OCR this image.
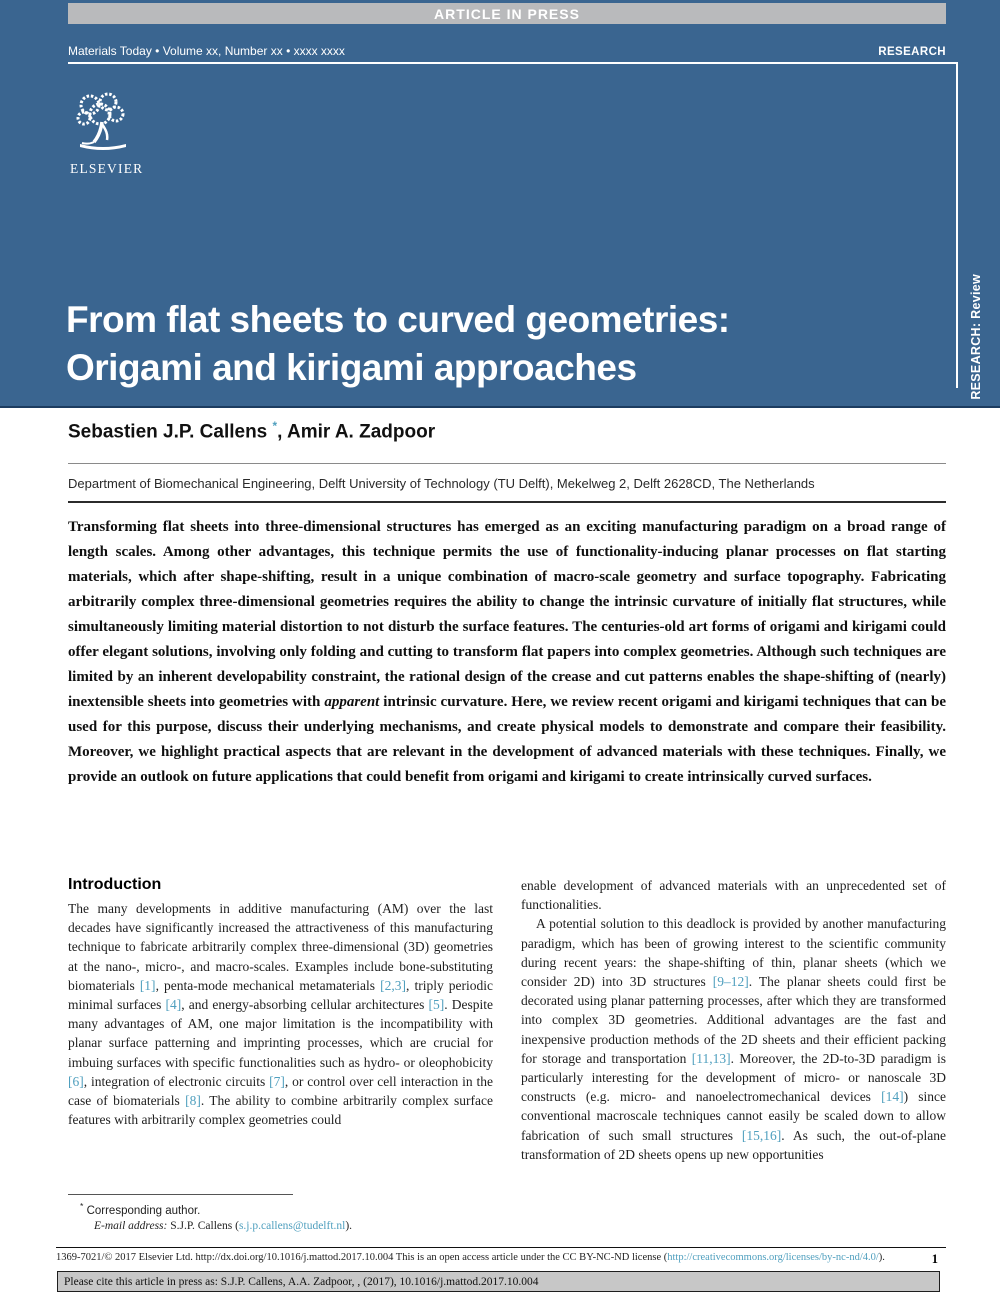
ARTICLE IN PRESS
Materials Today • Volume xx, Number xx • xxxx xxxx	RESEARCH
ELSEVIER
From flat sheets to curved geometries:
Origami and kirigami approaches	RESEARCH: Review
Sebastien J.P. Callens *, Amir A. Zadpoor
Department of Biomechanical Engineering, Delft University of Technology (TU Delft), Mekelweg 2, Delft 2628CD, The Netherlands

Transforming flat sheets into three-dimensional structures has emerged as an exciting manufacturing paradigm on a broad range of length scales. Among other advantages, this technique permits the use of functionality-inducing planar processes on flat starting materials, which after shape-shifting, result in a unique combination of macro-scale geometry and surface topography. Fabricating arbitrarily complex three-dimensional geometries requires the ability to change the intrinsic curvature of initially flat structures, while simultaneously limiting material distortion to not disturb the surface features. The centuries-old art forms of origami and kirigami could offer elegant solutions, involving only folding and cutting to transform flat papers into complex geometries. Although such techniques are limited by an inherent developability constraint, the rational design of the crease and cut patterns enables the shape-shifting of (nearly) inextensible sheets into geometries with apparent intrinsic curvature. Here, we review recent origami and kirigami techniques that can be used for this purpose, discuss their underlying mechanisms, and create physical models to demonstrate and compare their feasibility. Moreover, we highlight practical aspects that are relevant in the development of advanced materials with these techniques. Finally, we provide an outlook on future applications that could benefit from origami and kirigami to create intrinsically curved surfaces.

Introduction

The many developments in additive manufacturing (AM) over the last decades have significantly increased the attractiveness of this manufacturing technique to fabricate arbitrarily complex three-dimensional (3D) geometries at the nano-, micro-, and macro-scales. Examples include bone-substituting biomaterials [1], penta-mode mechanical metamaterials [2,3], triply periodic minimal surfaces [4], and energy-absorbing cellular architectures [5]. Despite many advantages of AM, one major limitation is the incompatibility with planar surface patterning and imprinting processes, which are crucial for imbuing surfaces with specific functionalities such as hydro- or oleophobicity [6], integration of electronic circuits [7], or control over cell interaction in the case of biomaterials [8]. The ability to combine arbitrarily complex surface features with arbitrarily complex geometries could

enable development of advanced materials with an unprecedented set of functionalities.

A potential solution to this deadlock is provided by another manufacturing paradigm, which has been of growing interest to the scientific community during recent years: the shape-shifting of thin, planar sheets (which we consider 2D) into 3D structures [9–12]. The planar sheets could first be decorated using planar patterning processes, after which they are transformed into complex 3D geometries. Additional advantages are the fast and inexpensive production methods of the 2D sheets and their efficient packing for storage and transportation [11,13]. Moreover, the 2D-to-3D paradigm is particularly interesting for the development of micro- or nanoscale 3D constructs (e.g. micro- and nanoelectromechanical devices [14]) since conventional macroscale techniques cannot easily be scaled down to allow fabrication of such small structures [15,16]. As such, the out-of-plane transformation of 2D sheets opens up new opportunities

* Corresponding author.
E-mail address: S.J.P. Callens (s.j.p.callens@tudelft.nl).
1369-7021/© 2017 Elsevier Ltd. http://dx.doi.org/10.1016/j.mattod.2017.10.004 This is an open access article under the CC BY-NC-ND license (http://creativecommons.org/licenses/by-nc-nd/4.0/).	1
Please cite this article in press as: S.J.P. Callens, A.A. Zadpoor, , (2017), 10.1016/j.mattod.2017.10.004
